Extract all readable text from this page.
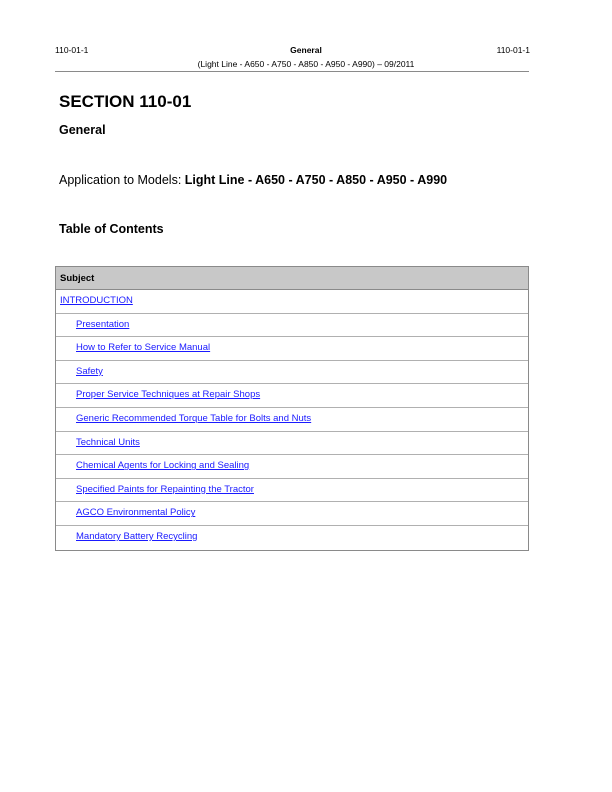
110-01-1	General	110-01-1
(Light Line - A650 - A750 - A850 - A950 - A990) – 09/2011
SECTION 110-01
General
Application to Models: Light Line - A650 - A750 - A850 - A950 - A990
Table of Contents
Subject
INTRODUCTION
Presentation
How to Refer to Service Manual
Safety
Proper Service Techniques at Repair Shops
Generic Recommended Torque Table for Bolts and Nuts
Technical Units
Chemical Agents for Locking and Sealing
Specified Paints for Repainting the Tractor
AGCO Environmental Policy
Mandatory Battery Recycling
